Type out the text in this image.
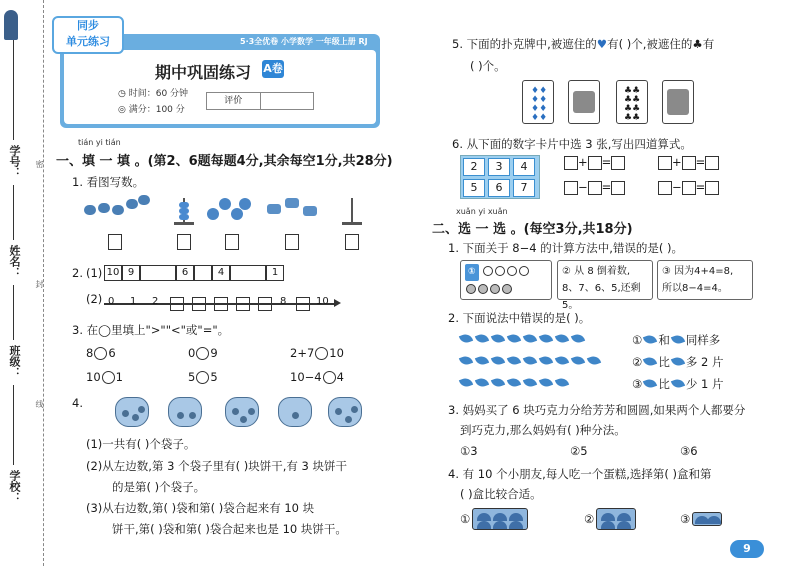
学号：
姓名：
班级：
学校：
密
封
线
同步
单元练习	5·3全优卷 小学数学 一年级上册 RJ
期中巩固练习 A卷
◷ 时间：60 分钟
◎ 满分：100 分
评价
tián yi tián
一、填 一 填 。(第2、6题每题4分,其余每空1分,共28分)
1. 看图写数。
2. (1) 10 9	6	4	1
(2) 0 1 2	8	10
3. 在◯里填上">""<"或"="。
8 6	0 9	2+7 10
10 1	5 5	10−4 4
4.
(1)一共有( )个袋子。
(2)从左边数,第 3 个袋子里有( )块饼干,有 3 块饼干
的是第( )个袋子。
(3)从右边数,第( )袋和第( )袋合起来有 10 块
饼干,第( )袋和第( )袋合起来也是 10 块饼干。
5. 下面的扑克牌中,被遮住的♥有( )个,被遮住的♣有
( )个。
♦♦
♦♦
♦♦
♦♦
♣♣
♣♣
♣♣
♣♣
6. 从下面的数字卡片中选 3 张,写出四道算式。
2	3	4
5	6	7
+ =	+ =
− =	− =
xuǎn yi xuǎn
二、选 一 选 。(每空3分,共18分)
1. 下面关于 8−4 的计算方法中,错误的是( )。
①	② 从 8 倒着数,
8、7、6、5,还剩5。
③ 因为4+4=8,
所以8−4=4。
2. 下面说法中错误的是( )。
① 和 同样多
② 比 多 2 片
③ 比 少 1 片
3. 妈妈买了 6 块巧克力分给芳芳和圆圆,如果两个人都要分
到巧克力,那么妈妈有( )种分法。
①3	②5	③6
4. 有 10 个小朋友,每人吃一个蛋糕,选择第( )盒和第
( )盒比较合适。
①	②	③
9
